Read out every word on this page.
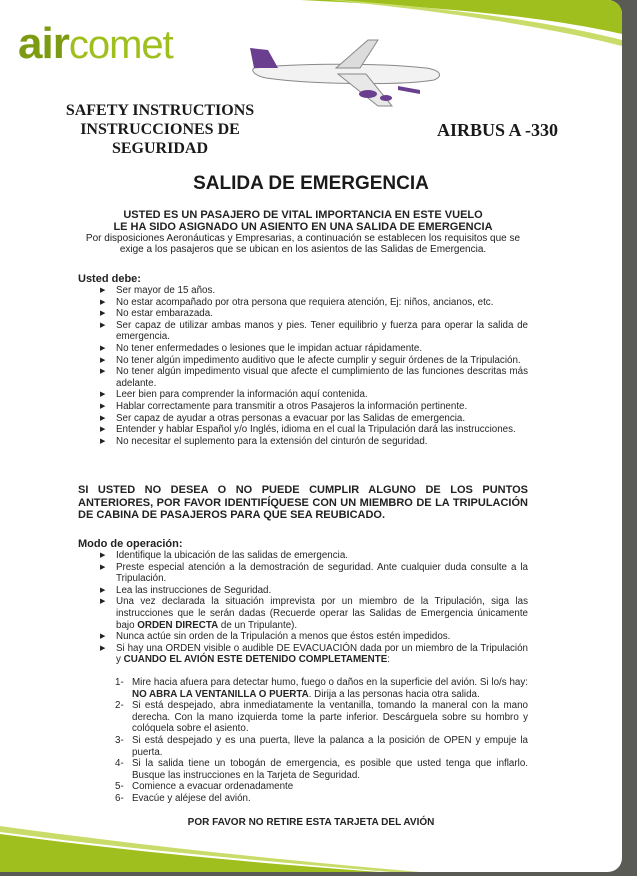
aircomet
SAFETY INSTRUCTIONS
INSTRUCCIONES DE SEGURIDAD
AIRBUS A -330
SALIDA DE EMERGENCIA

USTED ES UN PASAJERO DE VITAL IMPORTANCIA EN ESTE VUELO

LE HA SIDO ASIGNADO UN ASIENTO EN UNA SALIDA DE EMERGENCIA

Por disposiciones Aeronáuticas y Empresarias, a continuación se establecen los requisitos que se exige a los pasajeros que se ubican en los asientos de las Salidas de Emergencia.

Usted debe:
▶ Ser mayor de 15 años.
▶ No estar acompañado por otra persona que requiera atención, Ej: niños, ancianos, etc.
▶ No estar embarazada.
▶ Ser capaz de utilizar ambas manos y pies. Tener equilibrio y fuerza para operar la salida de emergencia.
▶ No tener enfermedades o lesiones que le impidan actuar rápidamente.
▶ No tener algún impedimento auditivo que le afecte cumplir y seguir órdenes de la Tripulación.
▶ No tener algún impedimento visual que afecte el cumplimiento de las funciones descritas más adelante.
▶ Leer bien para comprender la información aquí contenida.
▶ Hablar correctamente para transmitir a otros Pasajeros la información pertinente.
▶ Ser capaz de ayudar a otras personas a evacuar por las Salidas de emergencia.
▶ Entender y hablar Español y/o Inglés, idioma en el cual la Tripulación dará las instrucciones.
▶ No necesitar el suplemento para la extensión del cinturón de seguridad.
SI USTED NO DESEA O NO PUEDE CUMPLIR ALGUNO DE LOS PUNTOS ANTERIORES, POR FAVOR IDENTIFÍQUESE CON UN MIEMBRO DE LA TRIPULACIÓN DE CABINA DE PASAJEROS PARA QUE SEA REUBICADO.
Modo de operación:
▶ Identifique la ubicación de las salidas de emergencia.
▶ Preste especial atención a la demostración de seguridad. Ante cualquier duda consulte a la Tripulación.
▶ Lea las instrucciones de Seguridad.
▶ Una vez declarada la situación imprevista por un miembro de la Tripulación, siga las instrucciones que le serán dadas (Recuerde operar las Salidas de Emergencia únicamente bajo ORDEN DIRECTA de un Tripulante).
▶ Nunca actúe sin orden de la Tripulación a menos que éstos estén impedidos.
▶ Si hay una ORDEN visible o audible DE EVACUACIÓN dada por un miembro de la Tripulación y CUANDO EL AVIÓN ESTE DETENIDO COMPLETAMENTE:
1- Mire hacia afuera para detectar humo, fuego o daños en la superficie del avión. Si lo/s hay: NO ABRA LA VENTANILLA O PUERTA. Dirija a las personas hacia otra salida.
2- Si está despejado, abra inmediatamente la ventanilla, tomando la maneral con la mano derecha. Con la mano izquierda tome la parte inferior. Descárguela sobre su hombro y colóquela sobre el asiento.
3- Si está despejado y es una puerta, lleve la palanca a la posición de OPEN y empuje la puerta.
4- Si la salida tiene un tobogán de emergencia, es posible que usted tenga que inflarlo. Busque las instrucciones en la Tarjeta de Seguridad.
5- Comience a evacuar ordenadamente
6- Evacúe y aléjese del avión.
POR FAVOR NO RETIRE ESTA TARJETA DEL AVIÓN
